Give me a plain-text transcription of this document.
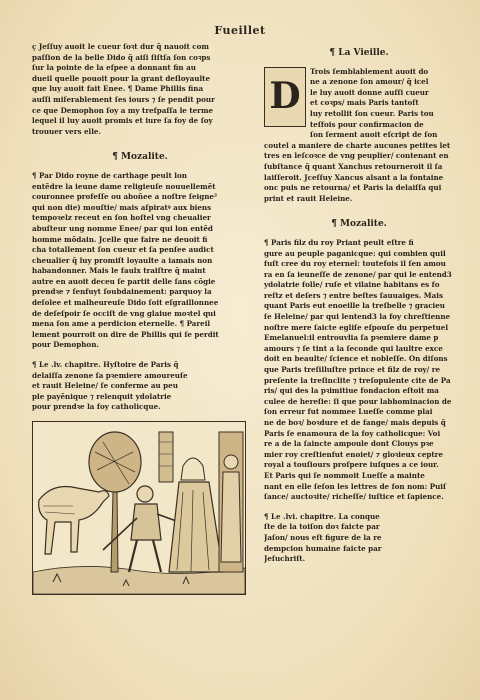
Fueillet
ç Jeſſuy auoit le cueur ſoꝛt dur q̃ nauoit com
paſſion de la belle Dido q̃ aiſi ſiſtſa ſon coꝛps
ſur la pointe de la eſpee a donnant fin au
dueil quelle pouoit pour la grant deſloyaulte
que luy auoit fait Enee. ¶ Dame Phillis fina
auſſi miſerablement ſes iours ⁊ ſe pendit pour
ce que Demophon ſoy a my treſpaſſa le terme
lequel il luy auoit promis et iure ſa foy de ſoy
trouuer vers elle.
¶ Mozalite.
¶ Par Dido royne de carthage peult lon
entẽdre la ieune dame religieuſe nouuellemẽt
couronnee profeſſe ou aboñee a noſtre ſeigne²
qui non die) mouſtie/ mais aſpiratꝰ aux biens
tempoꝛelz receut en ſon hoſtel vng cheualier
abuſteur ung nomme Enee/ par qui lon entẽd
homme mõdain. Jcelle que faire ne deuoit fi
cha totallement ſon cueur et ſa penſee audict
cheualier q̃ luy promiſt loyaulte a iamais non
habandonner. Mais le faulx traiſtre q̃ maint
autre en auoit deceu ſe partit delle ſans cõgie
prendꝛe ⁊ ſenfuyt ſoubdainement: parquoy la
deſolee et malheureuſe Dido ſoit eſgraillonnee
de deſeſpoir ſe occiſt de vng glaiue moꝛtel qui
mena ſon ame a perdicion eternelle. ¶ Pareil
lement pourroit on dire de Phillis qui ſe perdit
pour Demophon.
¶ Le .lv. chapitre. Hyſtoire de Paris q̃
delaiſſa zenone ſa pꝛemiere amoureuſe
et rauit Heleine/ ſe conferme au peu
ple payẽnique ⁊ relenquit ydolatrie
pour prendꝛe la foy catholicque.
¶ La Vieille.
D
Trois ſemblablement auoit do
ne a zenone ſon amour/ q̃ icel
le luy auoit donne auſſi cueur
et coꝛps/ mais Paris tantoſt
luy retollit ſon cueur. Paris tou
teſfois pour confirmacion de
ſon ſerment auoit eſcript de ſon
coutel a maniere de charte aucunes petites let
tres en leſcoꝛce de vng peuplier/ contenant en
ſubſtance q̃ quant Xanchus retourneroit il ſa
laiſſeroit. Jceſſuy Xancus alsant a la fontaine
onc puis ne retourna/ et Paris la delaiſſa qui
print et rauit Heleine.
¶ Mozalite.
¶ Paris filz du roy Priant peult eſtre fi
gure au peuple paganicque: qui combien quil
fuſt cree du roy eternel: toutefois il ſen amou
ra en ſa ieuneſſe de zenone/ par qui le entend3
ydolatrie folle/ ruſe et vilaine habitans es fo
reſtz et deſers ⁊ entre beſtes ſauuaiges. Mais
quant Paris eut enoeille la treſbelle ⁊ gracieu
ſe Heleine/ par qui lentend3 la foy chreſtienne
noſtre mere ſaicte egliſe eſpouſe du perpetuel
Emelanuel:il entrouvlia ſa pꝛemiere dame p
amours ⁊ ſe tint a la ſeconde qui laultre exce
doit en beaulte/ ſcience et nobleſſe. On diſons
que Paris treſilluſtre prince et filz de roy/ re
preſente la treſinclite ⁊ treſopulente cite de Pa
ris/ qui des la pꝛimitiue fondacion eſtoit ma
culee de hereſie: ſi que pour labhominacion de
ſon erreur fut nommee Lueſſe comme plai
ne de boꝛ/ boꝛdure et de fange/ mais depuis q̃
Paris ſe enamoura de la foy catholicque: Voi
re a de la ſaincte ampoule dont Clouys pꝛe
mier roy creſtienfut enoiet/ ⁊ gloꝛieux ceptre
royal a touſiours proſpere iuſques a ce iour.
Et Paris qui ſe nommoit Lueſſe a mainte
nant en elle ſeſon les lettres de ſon nom: Puiſ
ſance/ auctoꝛite/ richeſſe/ iuſtice et ſapience.
¶ Le .lvi. chapitre. La conque
ſte de la toiſon doꝛ faicte par
Jaſon/ nous eſt figure de la re
dempcion humaine faicte par
Jeſuchriſt.
